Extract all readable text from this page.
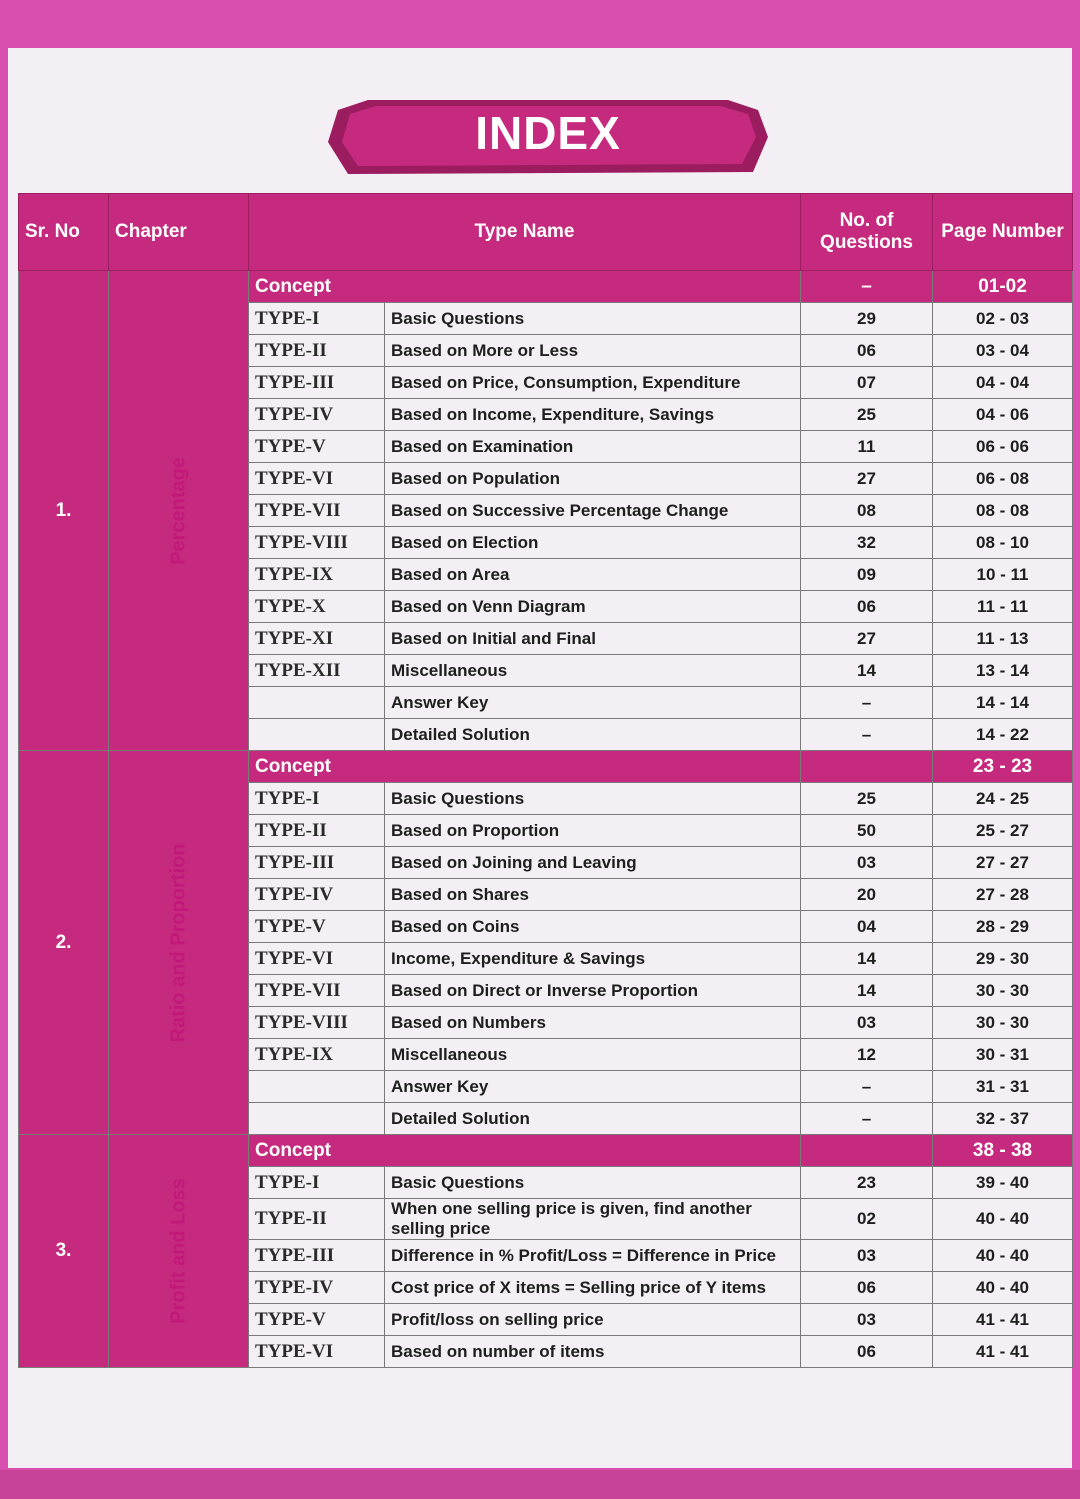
INDEX
Sr. No	Chapter	Type Name		No. of Questions	Page Number
1.	Percentage	Concept		–	01-02
		TYPE-I	Basic Questions	29	02 - 03
		TYPE-II	Based on More or Less	06	03 - 04
		TYPE-III	Based on Price, Consumption, Expenditure	07	04 - 04
		TYPE-IV	Based on Income, Expenditure, Savings	25	04 - 06
		TYPE-V	Based on Examination	11	06 - 06
		TYPE-VI	Based on Population	27	06 - 08
		TYPE-VII	Based on Successive Percentage Change	08	08 - 08
		TYPE-VIII	Based on Election	32	08 - 10
		TYPE-IX	Based on Area	09	10 - 11
		TYPE-X	Based on Venn Diagram	06	11 - 11
		TYPE-XI	Based on Initial and Final	27	11 - 13
		TYPE-XII	Miscellaneous	14	13 - 14
			Answer Key	–	14 - 14
			Detailed Solution	–	14 - 22
2.	Ratio and Proportion	Concept			23 - 23
		TYPE-I	Basic Questions	25	24 - 25
		TYPE-II	Based on Proportion	50	25 - 27
		TYPE-III	Based on Joining and Leaving	03	27 - 27
		TYPE-IV	Based on Shares	20	27 - 28
		TYPE-V	Based on Coins	04	28 - 29
		TYPE-VI	Income, Expenditure & Savings	14	29 - 30
		TYPE-VII	Based on Direct or Inverse Proportion	14	30 - 30
		TYPE-VIII	Based on Numbers	03	30 - 30
		TYPE-IX	Miscellaneous	12	30 - 31
			Answer Key	–	31 - 31
			Detailed Solution	–	32 - 37
3.	Profit and Loss	Concept			38 - 38
		TYPE-I	Basic Questions	23	39 - 40
		TYPE-II	When one selling price is given, find another selling price	02	40 - 40
		TYPE-III	Difference in % Profit/Loss = Difference in Price	03	40 - 40
		TYPE-IV	Cost price of X items = Selling price of Y items	06	40 - 40
		TYPE-V	Profit/loss on selling price	03	41 - 41
		TYPE-VI	Based on number of items	06	41 - 41
